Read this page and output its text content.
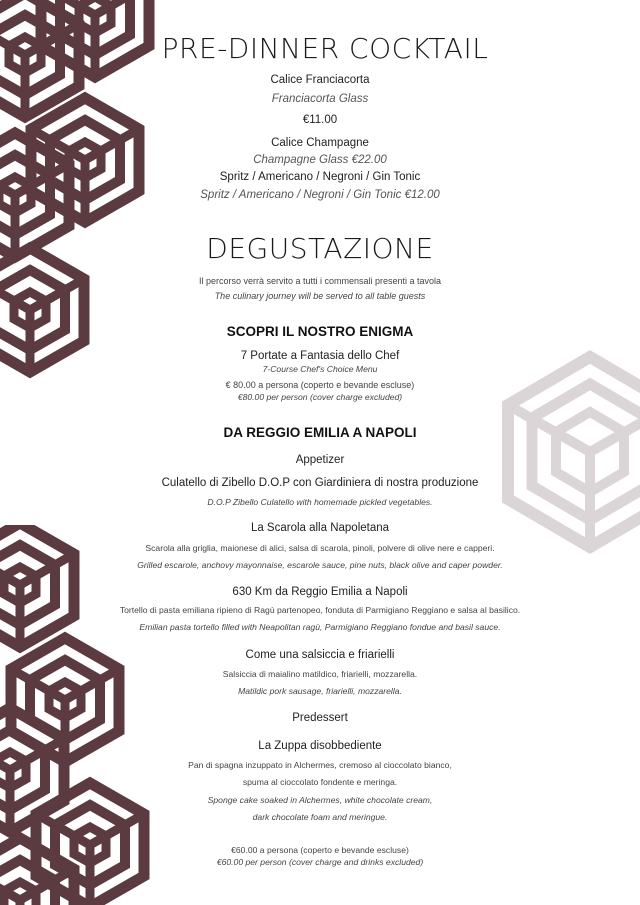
PRE-DINNER COCKTAIL
Calice Franciacorta
Franciacorta Glass
€11.00
Calice Champagne
Champagne Glass €22.00
Spritz / Americano / Negroni / Gin Tonic
Spritz / Americano / Negroni / Gin Tonic €12.00
DEGUSTAZIONE
Il percorso verrà servito a tutti i commensali presenti a tavola
The culinary journey will be served to all table guests
SCOPRI IL NOSTRO ENIGMA
7 Portate a Fantasia dello Chef
7-Course Chef's Choice Menu
€ 80.00 a persona (coperto e bevande escluse)
€80.00 per person (cover charge excluded)
DA REGGIO EMILIA A NAPOLI
Appetizer
Culatello di Zibello D.O.P con Giardiniera di nostra produzione
D.O.P Zibello Culatello with homemade pickled vegetables.
La Scarola alla Napoletana
Scarola alla griglia, maionese di alici, salsa di scarola, pinoli, polvere di olive nere e capperi.
Grilled escarole, anchovy mayonnaise, escarole sauce, pine nuts, black olive and caper powder.
630 Km da Reggio Emilia a Napoli
Tortello di pasta emiliana ripieno di Ragù partenopeo, fonduta di Parmigiano Reggiano e salsa al basilico.
Emilian pasta tortello filled with Neapolitan ragù, Parmigiano Reggiano fondue and basil sauce.
Come una salsiccia e friarielli
Salsiccia di maialino matildico, friarielli, mozzarella.
Matildic pork sausage, friarielli, mozzarella.
Predessert
La Zuppa disobbediente
Pan di spagna inzuppato in Alchermes, cremoso al cioccolato bianco,
spuma al cioccolato fondente e meringa.
Sponge cake soaked in Alchermes, white chocolate cream,
dark chocolate foam and meringue.
€60.00 a persona (coperto e bevande escluse)
€60.00 per person (cover charge and drinks excluded)
